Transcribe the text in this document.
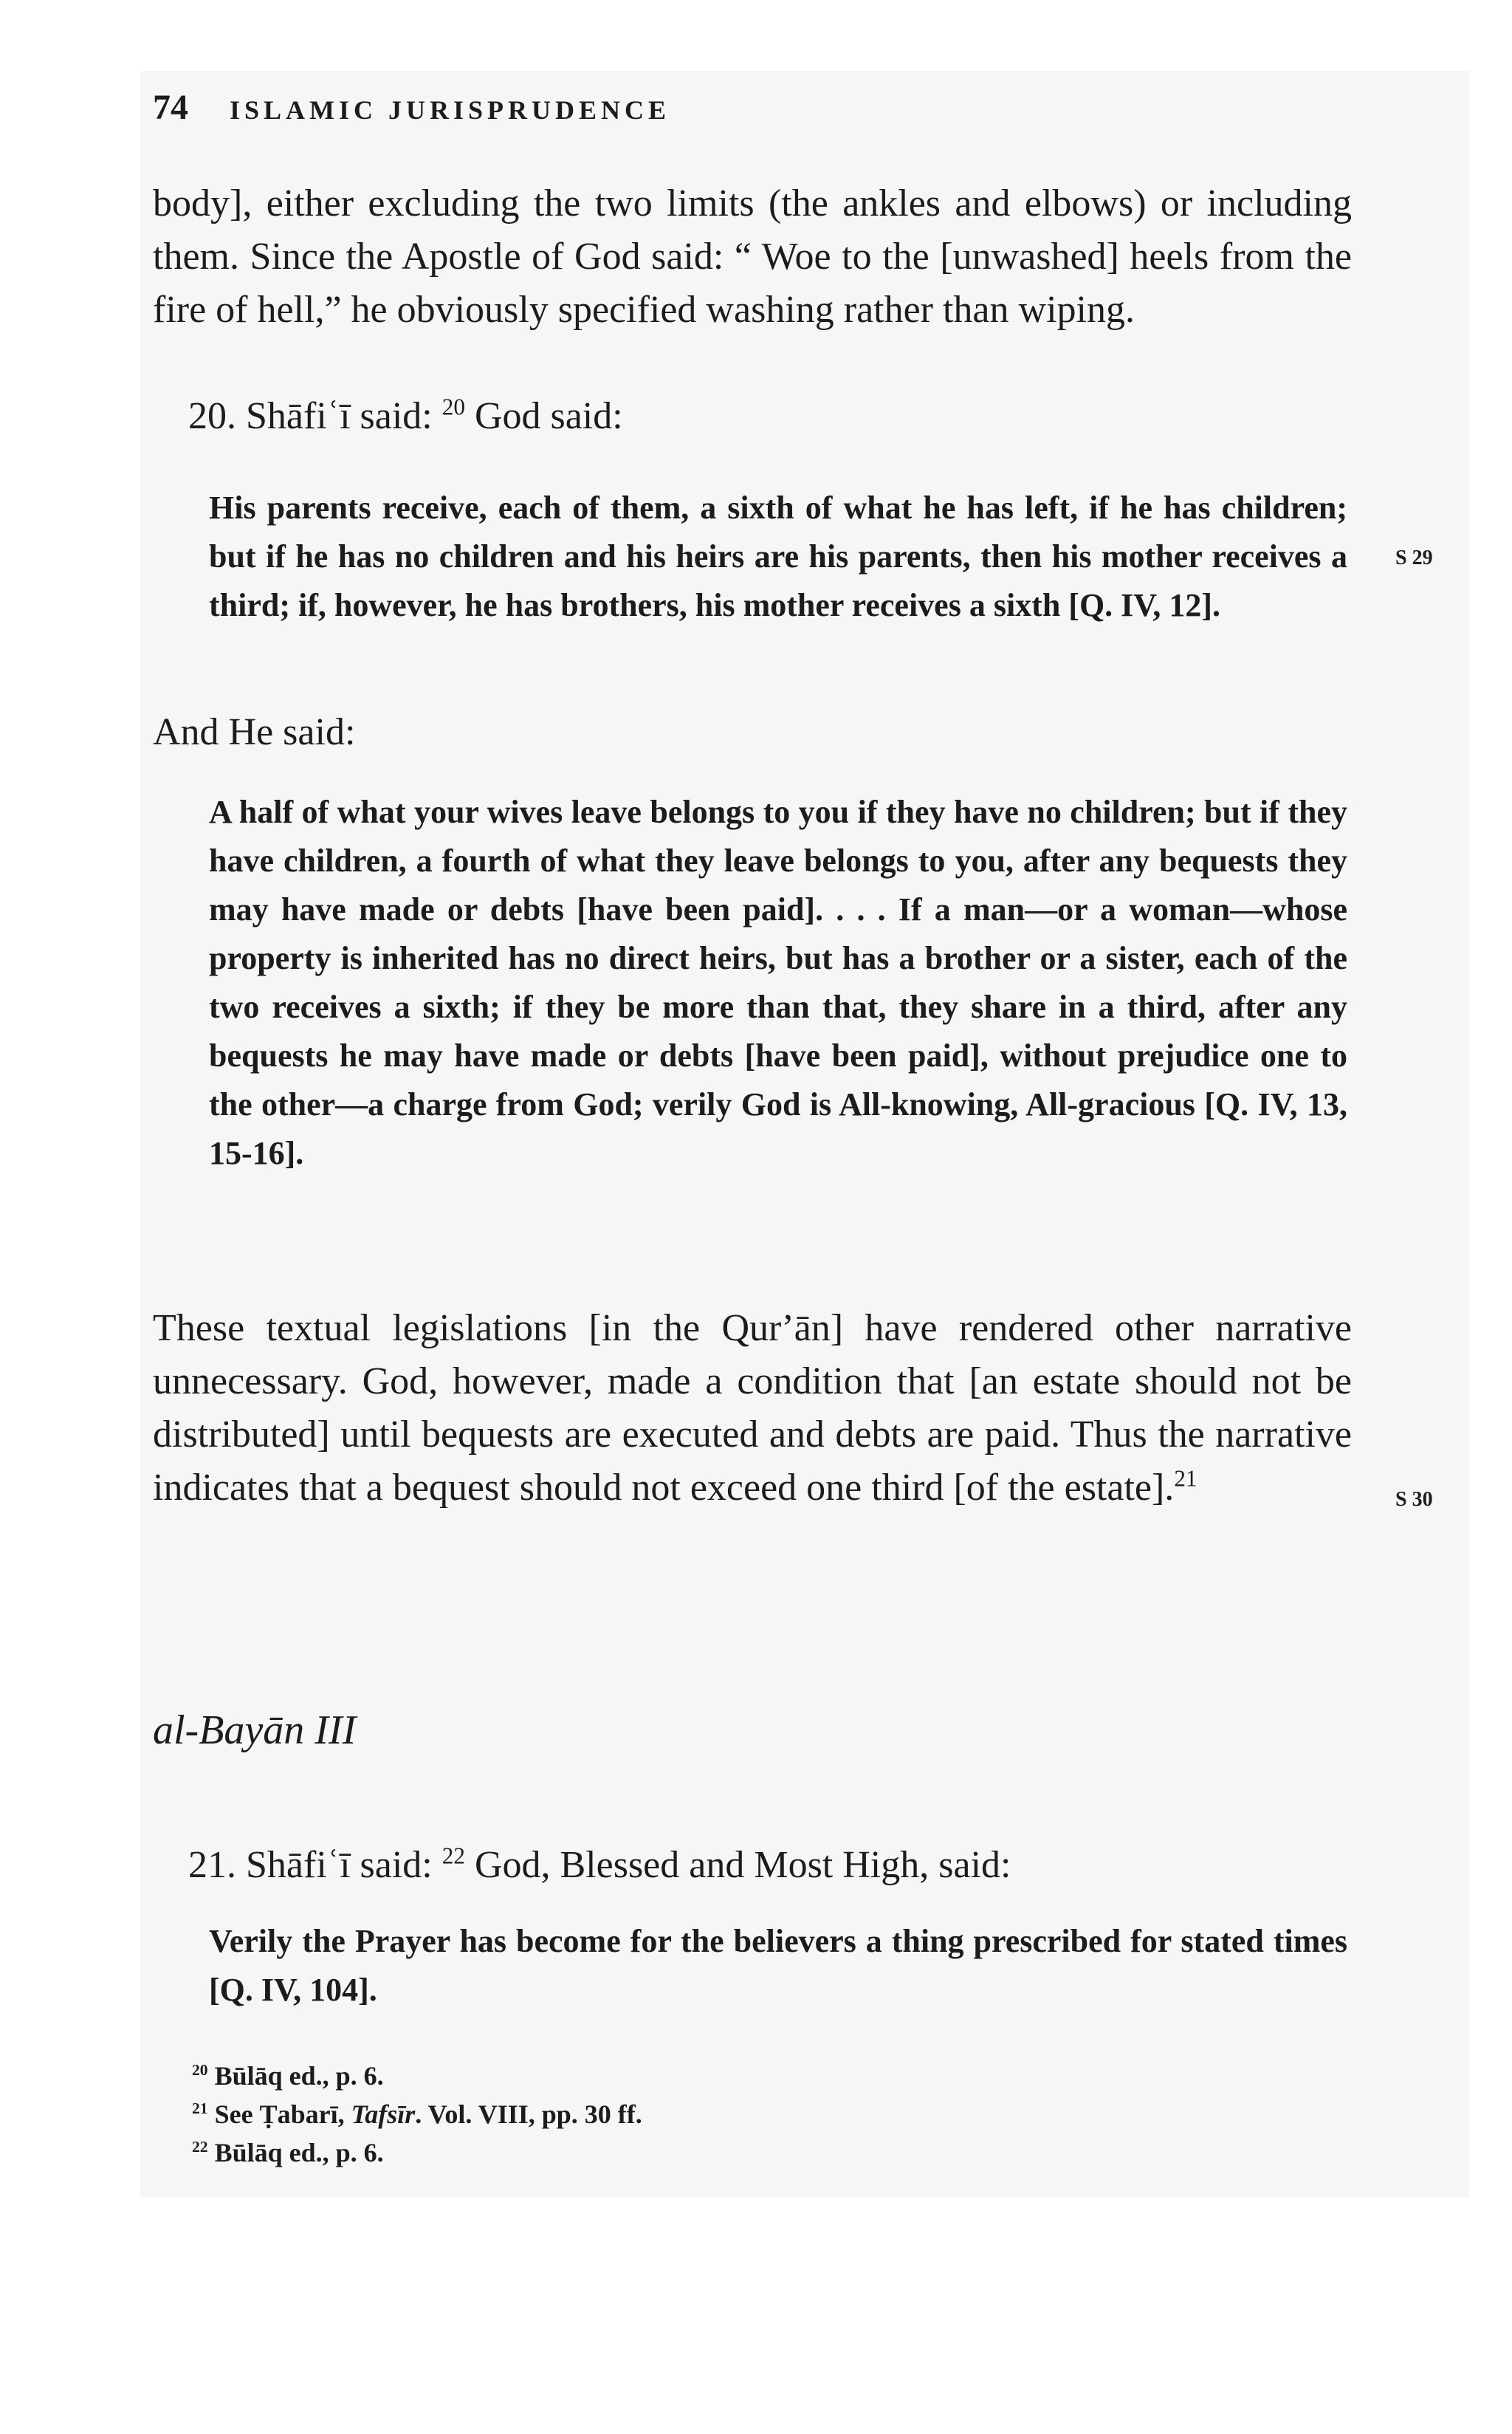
74 ISLAMIC JURISPRUDENCE

body], either excluding the two limits (the ankles and elbows) or including them. Since the Apostle of God said: “ Woe to the [unwashed] heels from the fire of hell,” he obviously specified washing rather than wiping.

20. Shāfiʿī said: $^{20}$ God said:

His parents receive, each of them, a sixth of what he has left, if he has children; but if he has no children and his heirs are his parents, then his mother receives a third; if, however, he has brothers, his mother receives a sixth [Q. IV, 12].

S 29

And He said:

A half of what your wives leave belongs to you if they have no children; but if they have children, a fourth of what they leave belongs to you, after any bequests they may have made or debts [have been paid]. . . . If a man—or a woman—whose property is inherited has no direct heirs, but has a brother or a sister, each of the two receives a sixth; if they be more than that, they share in a third, after any bequests he may have made or debts [have been paid], without prejudice one to the other—a charge from God; verily God is All-knowing, All-gracious [Q. IV, 13, 15-16].

These textual legislations [in the Qurʼān] have rendered other narrative unnecessary. God, however, made a condition that [an estate should not be distributed] until bequests are executed and debts are paid. Thus the narrative indicates that a bequest should not exceed one third [of the estate].$^{21}$

S 30
al-Bayān III

21. Shāfiʿī said: $^{22}$ God, Blessed and Most High, said:

Verily the Prayer has become for the believers a thing prescribed for stated times [Q. IV, 104].

$^{20}$ Būlāq ed., p. 6.
$^{21}$ See Ṭabarī, Tafsīr. Vol. VIII, pp. 30 ff.
$^{22}$ Būlāq ed., p. 6.
